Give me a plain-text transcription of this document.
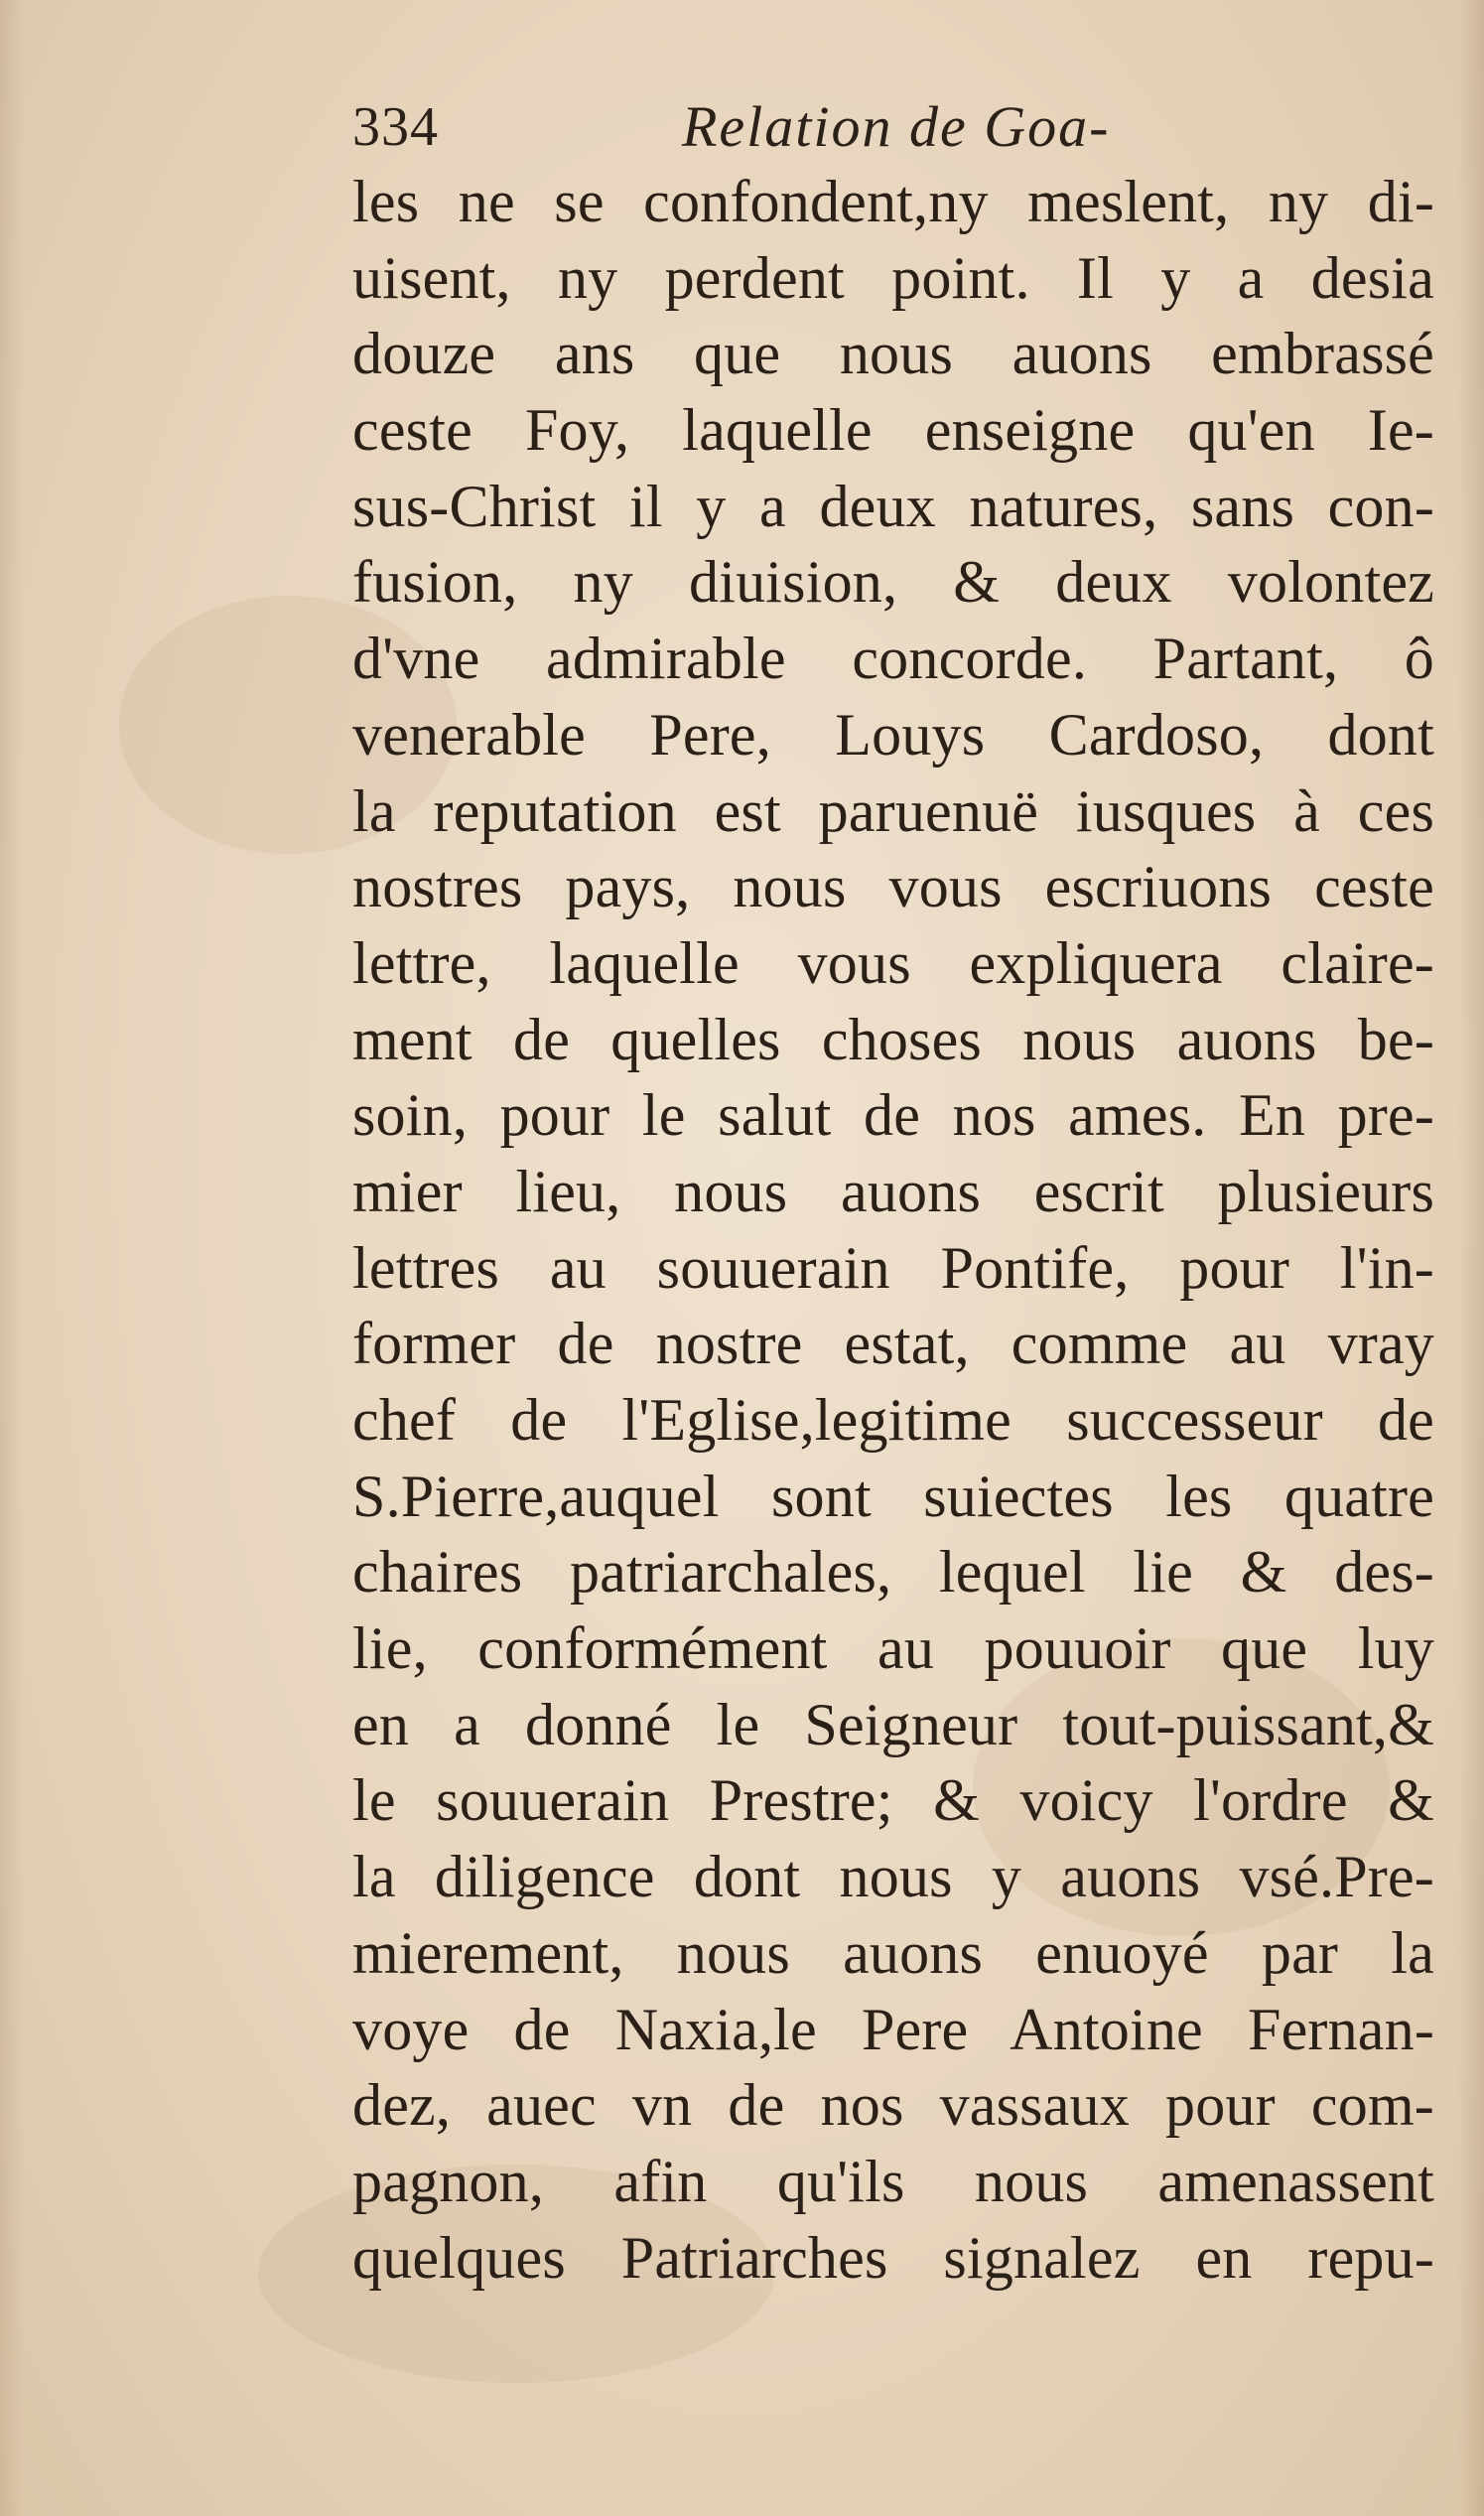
334	Relation de Goa-
les ne se confondent,ny meslent, ny di-
uisent, ny perdent point. Il y a desia
douze ans que nous auons embrassé
ceste Foy, laquelle enseigne qu'en Ie-
sus-Christ il y a deux natures, sans con-
fusion, ny diuision, & deux volontez
d'vne admirable concorde. Partant, ô
venerable Pere, Louys Cardoso, dont
la reputation est paruenuë iusques à ces
nostres pays, nous vous escriuons ceste
lettre, laquelle vous expliquera claire-
ment de quelles choses nous auons be-
soin, pour le salut de nos ames. En pre-
mier lieu, nous auons escrit plusieurs
lettres au souuerain Pontife, pour l'in-
former de nostre estat, comme au vray
chef de l'Eglise,legitime successeur de
S.Pierre,auquel sont suiectes les quatre
chaires patriarchales, lequel lie & des-
lie, conformément au pouuoir que luy
en a donné le Seigneur tout-puissant,&
le souuerain Prestre; & voicy l'ordre &
la diligence dont nous y auons vsé.Pre-
mierement, nous auons enuoyé par la
voye de Naxia,le Pere Antoine Fernan-
dez, auec vn de nos vassaux pour com-
pagnon, afin qu'ils nous amenassent
quelques Patriarches signalez en repu-
